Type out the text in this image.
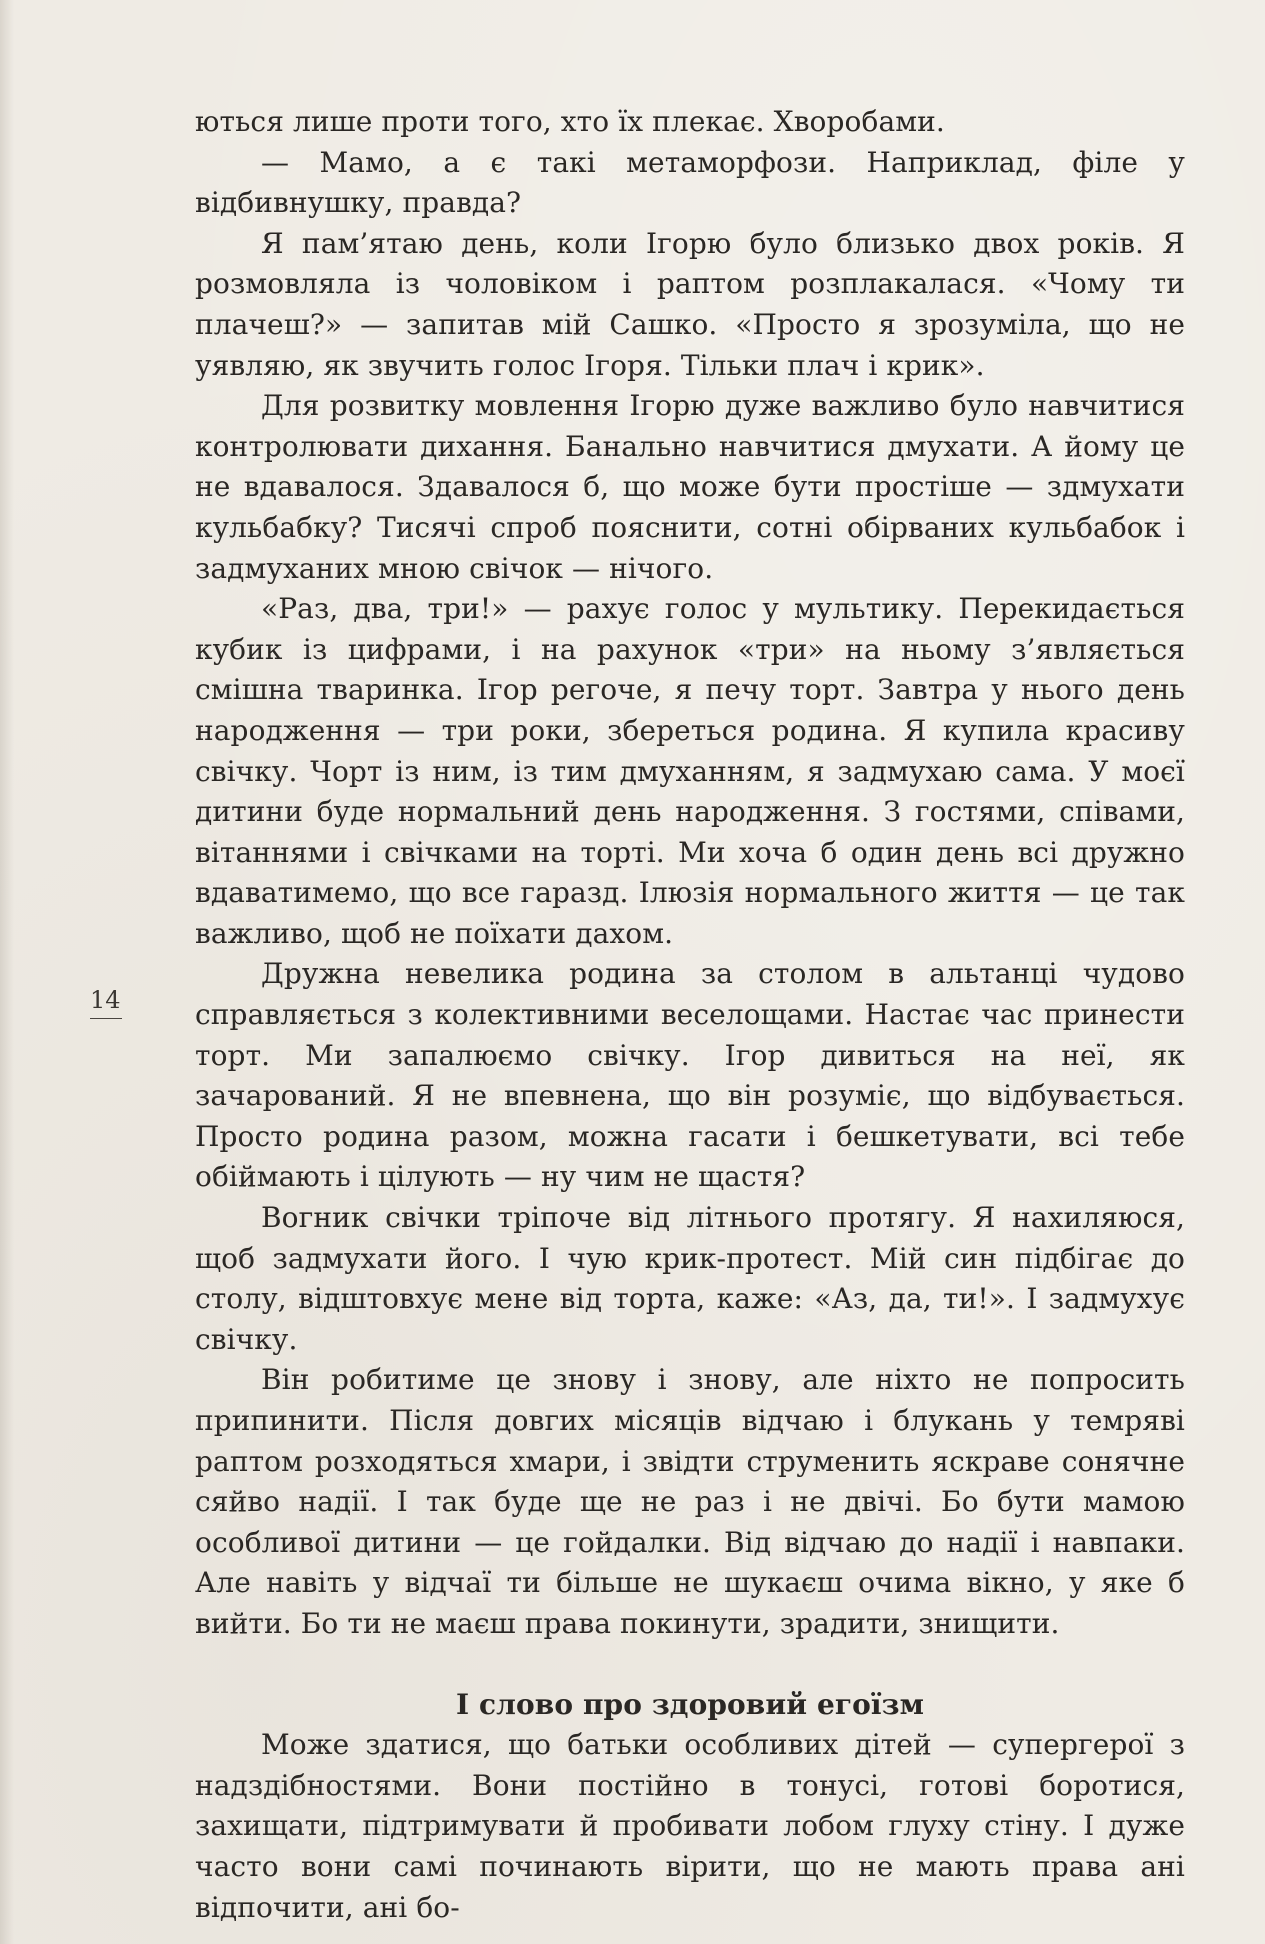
14

ються лише проти того, хто їх плекає. Хворобами.

— Мамо, а є такі метаморфози. Наприклад, філе у відбивнушку, правда?

Я пам’ятаю день, коли Ігорю було близько двох років. Я розмовляла із чоловіком і раптом розплакалася. «Чому ти плачеш?» — запитав мій Сашко. «Просто я зрозуміла, що не уявляю, як звучить голос Ігоря. Тільки плач і крик».

Для розвитку мовлення Ігорю дуже важливо було навчитися контролювати дихання. Банально навчитися дмухати. А йому це не вдавалося. Здавалося б, що може бути простіше — здмухати кульбабку? Тисячі спроб пояснити, сотні обірваних кульбабок і задмуханих мною свічок — нічого.

«Раз, два, три!» — рахує голос у мультику. Перекидається кубик із цифрами, і на рахунок «три» на ньому з’являється смішна тваринка. Ігор регоче, я печу торт. Завтра у нього день народження — три роки, збереться родина. Я купила красиву свічку. Чорт із ним, із тим дмуханням, я задмухаю сама. У моєї дитини буде нормальний день народження. З гостями, співами, вітаннями і свічками на торті. Ми хоча б один день всі дружно вдаватимемо, що все гаразд. Ілюзія нормального життя — це так важливо, щоб не поїхати дахом.

Дружна невелика родина за столом в альтанці чудово справляється з колективними веселощами. Настає час принести торт. Ми запалюємо свічку. Ігор дивиться на неї, як зачарований. Я не впевнена, що він розуміє, що відбувається. Просто родина разом, можна гасати і бешкетувати, всі тебе обіймають і цілують — ну чим не щастя?

Вогник свічки тріпоче від літнього протягу. Я нахиляюся, щоб задмухати його. І чую крик-протест. Мій син підбігає до столу, відштовхує мене від торта, каже: «Аз, да, ти!». І задмухує свічку.

Він робитиме це знову і знову, але ніхто не попросить припинити. Після довгих місяців відчаю і блукань у темряві раптом розходяться хмари, і звідти струменить яскраве сонячне сяйво надії. І так буде ще не раз і не двічі. Бо бути мамою особливої дитини — це гойдалки. Від відчаю до надії і навпаки. Але навіть у відчаї ти більше не шукаєш очима вікно, у яке б вийти. Бо ти не маєш права покинути, зрадити, знищити.

І слово про здоровий егоїзм

Може здатися, що батьки особливих дітей — супергерої з надздібностями. Вони постійно в тонусі, готові боротися, захищати, підтримувати й пробивати лобом глуху стіну. І дуже часто вони самі починають вірити, що не мають права ані відпочити, ані бо-
